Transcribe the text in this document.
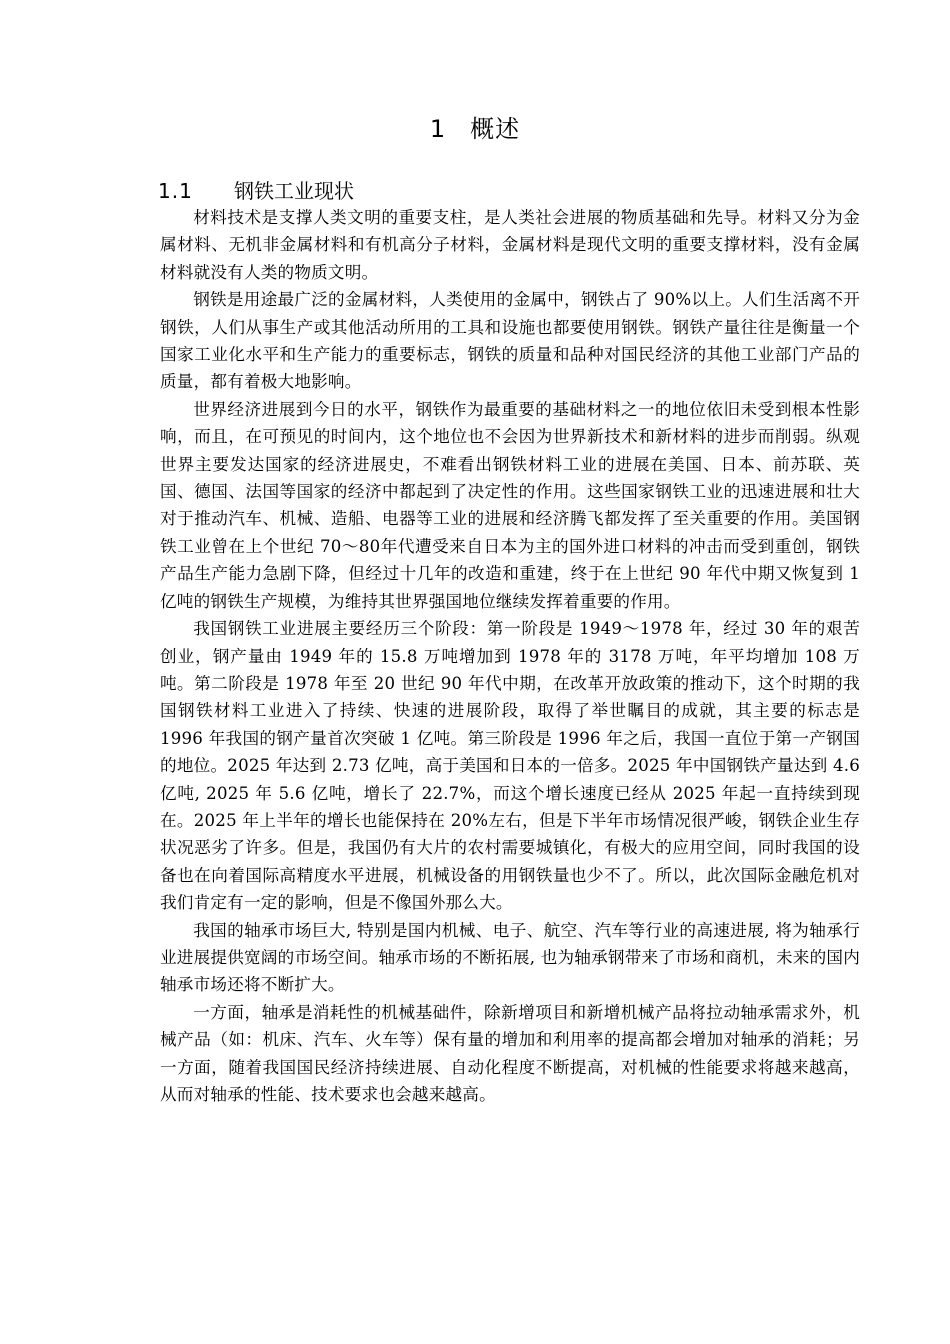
1 概述
1.1 钢铁工业现状

材料技术是支撑人类文明的重要支柱，是人类社会进展的物质基础和先导。材料又分为金属材料、无机非金属材料和有机高分子材料，金属材料是现代文明的重要支撑材料，没有金属材料就没有人类的物质文明。

钢铁是用途最广泛的金属材料，人类使用的金属中，钢铁占了 90%以上。人们生活离不开钢铁，人们从事生产或其他活动所用的工具和设施也都要使用钢铁。钢铁产量往往是衡量一个国家工业化水平和生产能力的重要标志，钢铁的质量和品种对国民经济的其他工业部门产品的质量，都有着极大地影响。

世界经济进展到今日的水平，钢铁作为最重要的基础材料之一的地位依旧未受到根本性影响，而且，在可预见的时间内，这个地位也不会因为世界新技术和新材料的进步而削弱。纵观世界主要发达国家的经济进展史，不难看出钢铁材料工业的进展在美国、日本、前苏联、英国、德国、法国等国家的经济中都起到了决定性的作用。这些国家钢铁工业的迅速进展和壮大对于推动汽车、机械、造船、电器等工业的进展和经济腾飞都发挥了至关重要的作用。美国钢铁工业曾在上个世纪 70～80年代遭受来自日本为主的国外进口材料的冲击而受到重创，钢铁产品生产能力急剧下降，但经过十几年的改造和重建，终于在上世纪 90 年代中期又恢复到 1 亿吨的钢铁生产规模，为维持其世界强国地位继续发挥着重要的作用。

我国钢铁工业进展主要经历三个阶段：第一阶段是 1949～1978 年，经过 30 年的艰苦创业，钢产量由 1949 年的 15.8 万吨增加到 1978 年的 3178 万吨，年平均增加 108 万吨。第二阶段是 1978 年至 20 世纪 90 年代中期，在改革开放政策的推动下，这个时期的我国钢铁材料工业进入了持续、快速的进展阶段，取得了举世瞩目的成就，其主要的标志是 1996 年我国的钢产量首次突破 1 亿吨。第三阶段是 1996 年之后，我国一直位于第一产钢国的地位。2025 年达到 2.73 亿吨，高于美国和日本的一倍多。2025 年中国钢铁产量达到 4.6 亿吨, 2025 年 5.6 亿吨，增长了 22.7%，而这个增长速度已经从 2025 年起一直持续到现在。2025 年上半年的增长也能保持在 20%左右，但是下半年市场情况很严峻，钢铁企业生存状况恶劣了许多。但是，我国仍有大片的农村需要城镇化，有极大的应用空间，同时我国的设备也在向着国际高精度水平进展，机械设备的用钢铁量也少不了。所以，此次国际金融危机对我们肯定有一定的影响，但是不像国外那么大。

我国的轴承市场巨大, 特别是国内机械、电子、航空、汽车等行业的高速进展, 将为轴承行业进展提供宽阔的市场空间。轴承市场的不断拓展, 也为轴承钢带来了市场和商机，未来的国内轴承市场还将不断扩大。

一方面，轴承是消耗性的机械基础件，除新增项目和新增机械产品将拉动轴承需求外，机械产品（如：机床、汽车、火车等）保有量的增加和利用率的提高都会增加对轴承的消耗；另一方面，随着我国国民经济持续进展、自动化程度不断提高，对机械的性能要求将越来越高，从而对轴承的性能、技术要求也会越来越高。
